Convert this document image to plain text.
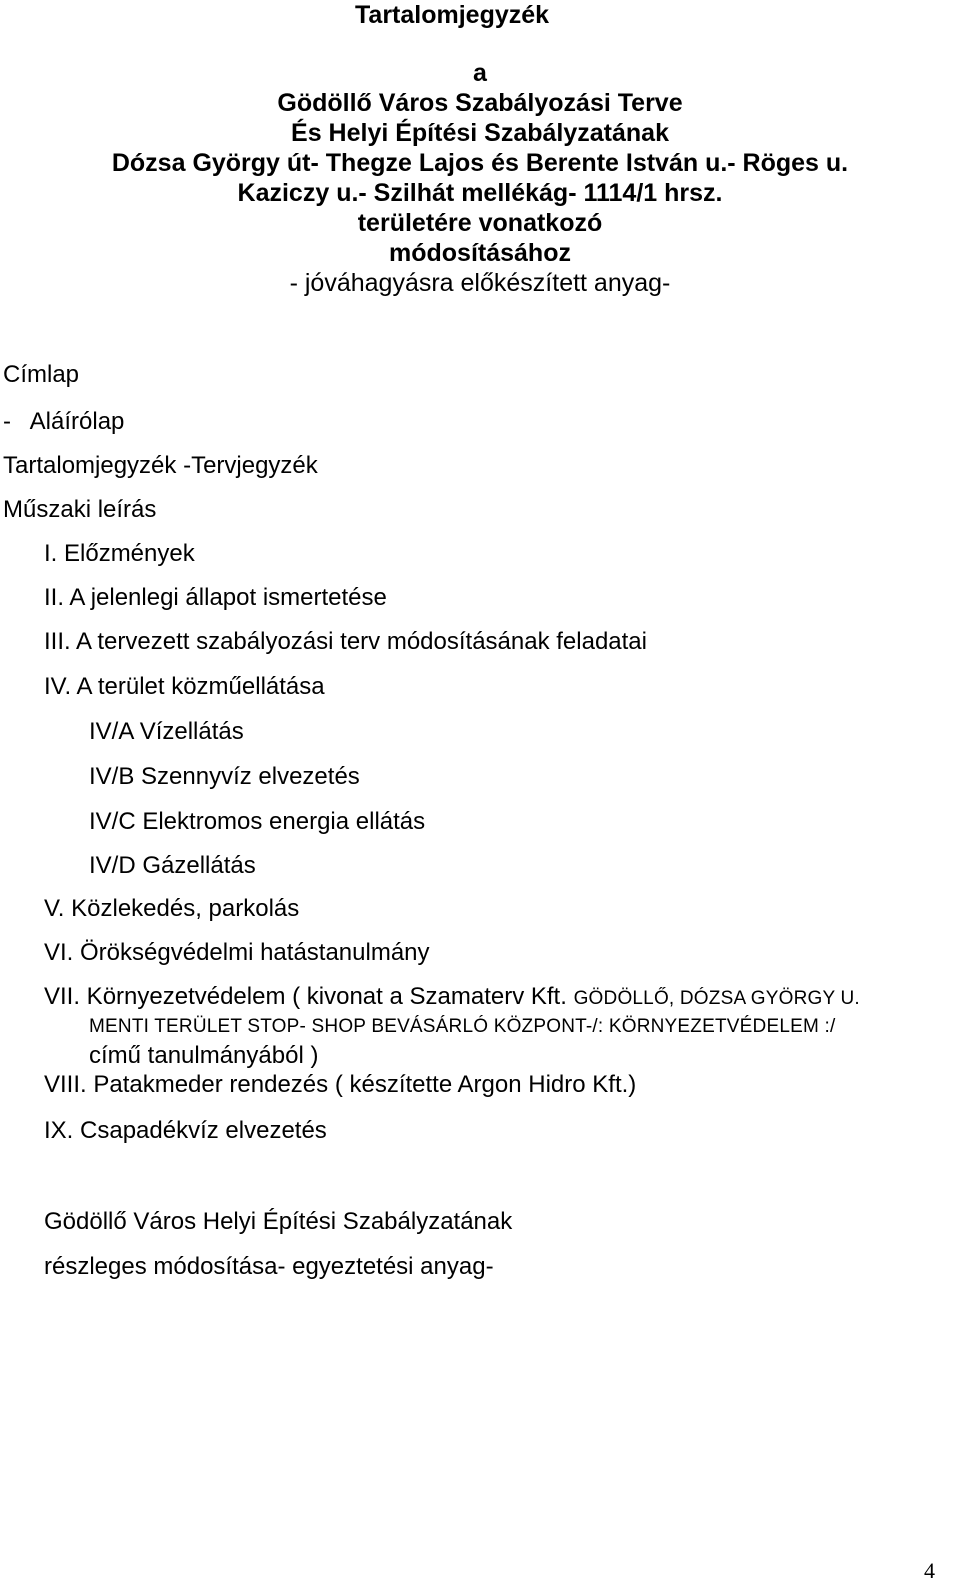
Tartalomjegyzék
a
Gödöllő Város Szabályozási Terve
És Helyi Építési Szabályzatának
Dózsa György út- Thegze Lajos és Berente István u.- Röges u.
Kaziczy u.- Szilhát mellékág- 1114/1 hrsz.
területére vonatkozó
módosításához
- jóváhagyásra előkészített anyag-
Címlap
-   Aláírólap
Tartalomjegyzék -Tervjegyzék
Műszaki leírás
I. Előzmények
II. A jelenlegi állapot ismertetése
III. A tervezett szabályozási terv módosításának feladatai
IV. A terület közműellátása
IV/A Vízellátás
IV/B Szennyvíz elvezetés
IV/C Elektromos energia ellátás
IV/D Gázellátás
V. Közlekedés, parkolás
VI. Örökségvédelmi hatástanulmány
VII. Környezetvédelem ( kivonat a Szamaterv Kft. GÖDÖLLŐ, DÓZSA GYÖRGY U.
MENTI TERÜLET STOP- SHOP BEVÁSÁRLÓ KÖZPONT-/: KÖRNYEZETVÉDELEM :/
című tanulmányából )
VIII. Patakmeder rendezés ( készítette Argon Hidro Kft.)
IX. Csapadékvíz elvezetés
Gödöllő Város Helyi Építési Szabályzatának
részleges módosítása- egyeztetési anyag-
4
